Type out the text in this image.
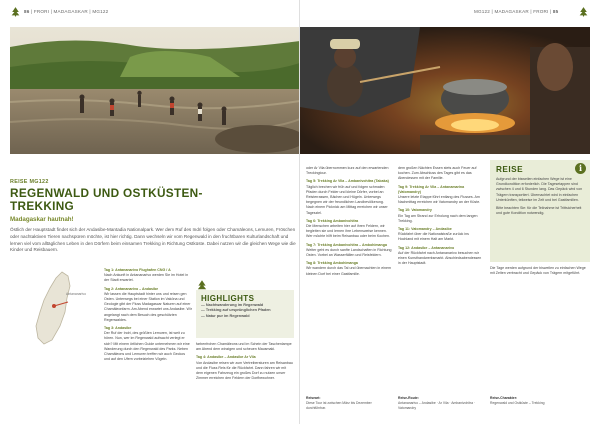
86 | FRORI | MADAGASKAR | MG122
REISE MG122
REGENWALD UND OSTKÜSTEN-
TREKKING
Madagaskar hautnah!
Östlich der Hauptstadt findet sich der Andasibe-Mantadia Nationalpark. Wer dem Ruf des Indri folgen oder Chamäleons, Lemuren, Fröschen oder nachtaktiven Tieren nachspüren möchte, ist hier richtig. Dann wechseln wir vom Regenwald in den fruchtbaren Kulturlandschaft und lernen viel vom alltäglichen Leben in den Dörfern beim einsamen Trekking in Richtung Ostküste. Dabei nutzen wir die gleichen Wege wie die Kinder und Reisbauern.
Antananarivo

Tag 1: Antananarivo Flughafen CNG / A
Nach Ankunft in Antananarivo werden Sie im Hotel in der Stadt erwartet.

Tag 2: Antananarivo – Andasibe
Wir lassen die Hauptstadt hinter uns und reisen gen Osten. Unterwegs bei einer Station im Vakôna und Geologie gibt der Fluss Madagascar Naturen auf einer Chamäleonfarm. Am Abend erwartet uns Andasibe. Wir angelangt nach dem Besuch des geschützten Regenwaldes.

Tag 3: Andasibe
Der Ruf der Indri, des größten Lemuren, ist weit zu hören. Nun, wer im Regenwald aufwacht verlegt er sich? Mit einem örtlichen Guide unternehmen wir eine Wanderung durch den Regenwald des Parks. Neben Chamäleons und Lemuren treffen wir auch Geckos und auf den Ufern vorbeiziehen Vögeln.

HIGHLIGHTS
— Nachtwanderung im Regenwald
— Trekking auf ursprünglichen Pfaden
— Natur pur im Regenwald

farbenfrohen Chamäleons und im Schein der Taschenlampe am Abend dem winzigen und scheuen Mausmaki.

Tag 4: Andasibe – Andasibe Ar Vila
Von Andasibe reisen wir zum Vertreibersturen am Reisanbau und die Fluss Reis für die Rückfahrt. Dann fahren wir mit dem eigenen Fahrzeug ein großes Dorf zu nutzen unser Zimmer erreichen den Feldern der Dorfbewohner.

MG122 | MADAGASKAR | FRORI | 85

oder Ar Vila übernommen kurz auf den erwartenden Treckingtour.

Tag 5: Trekking Ar Vila – Ambanivohitra (Tabaka)
Täglich brechen wir früh auf und folgen schmalen Pfaden durch Felder und kleine Dörfer, vorbei an Reisterrassen, Bächen und Hügeln. Unterwegs begegnen wir der freundlichen Landbevölkerung. Nach einem Picknick am Mittag erreichen wir unser Tagesziel.

Tag 6: Trekking Ambanivohitra
Die Menschen arbeiten hier auf ihren Feldern, wir begleiten sie und lernen ihre Lebensweise kennen. Wer möchte hilft beim Reisanbau oder beim Kochen.

Tag 7: Trekking Ambanivohitra – Ambohimanga
Weiter geht es durch sanfte Landschaften in Richtung Osten. Vorbei an Wasserfällen und Reisfeldern.

Tag 8: Trekking Ambohimanga
Wir wandern durch das Tal und übernachten in einem kleinen Dorf bei einer Gastfamilie.

dem großen Nächten Essen stets auch Feuer auf kochen. Zum Abschluss des Tages gibt es das Abendessen mit der Familie.

Tag 9: Trekking Ar Vila – Antanamarina (Vatomandry)
Unsere letzte Etappe führt entlang des Flusses. Am Nachmittag erreichen wir Vatomandry an der Küste.

Tag 10: Vatomandry
Ein Tag am Strand zur Erholung nach dem langen Trekking.

Tag 11: Vatomandry – Andasibe
Rückfahrt über die Nationalstraße zurück ins Hochland mit einem Halt am Markt.

Tag 12: Andasibe – Antananarivo
Auf der Rückfahrt nach Antananarivo besuchen wir einen Kunsthandwerksmarkt. Abschiedsabendessen in der Hauptstadt.

REISE

Aufgrund der bisweilen einfachen Wege ist eine Grundkondition erforderlich. Die Tagesetappen sind zwischen 4 und 6 Stunden lang. Das Gepäck wird von Trägern transportiert. Übernachtet wird in einfachen Unterkünften, teilweise im Zelt und bei Gastfamilien.

Bitte beachten Sie: für die Teilnahme ist Trittsicherheit und gute Kondition notwendig.

i

Die Tage werden aufgrund der bisweilen zu einfachen Wege mit Zelten verbracht und Gepäck von Trägern mitgeführt.

Reiseart:
Diese Tour ist zwischen März bis Dezember durchführbar.
Reise-Route:
Antananarivo – Andasibe · Ar Vila · Ambanivohitra · Vatomandry
Reise-Charakter:
Regenwald und Ostküste – Trekking
